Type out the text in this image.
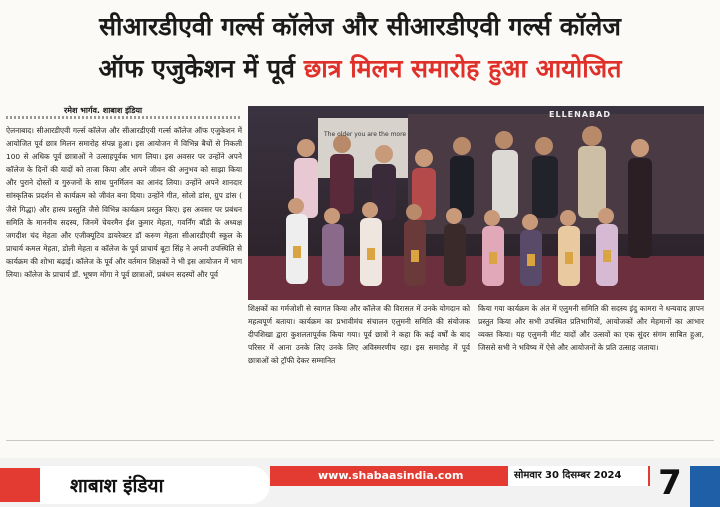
सीआरडीएवी गर्ल्स कॉलेज और सीआरडीएवी गर्ल्स कॉलेज
ऑफ एजुकेशन में पूर्व छात्र मिलन समारोह हुआ आयोजित
रमेश भार्गव. शाबाश इंडिया
ऐलनाबाद। सीआरडीएवी गर्ल्स कॉलेज और सीआरडीएवी गर्ल्स कॉलेज ऑफ एजुकेशन में आयोजित पूर्व छात्र मिलन समारोह संपन्न हुआ। इस आयोजन में विभिन्न बैचों से निकली 100 से अधिक पूर्व छात्राओं ने उत्साहपूर्वक भाग लिया। इस अवसर पर उन्होंने अपने कॉलेज के दिनों की यादों को ताजा किया और अपने जीवन की अनुभव को साझा किया और पुराने दोस्तों व गुरुजनों के साथ पुनर्मिलन का आनंद लिया। उन्होंने अपने शानदार सांस्कृतिक प्रदर्शन से कार्यक्रम को जीवंत बना दिया। उन्होंने गीत, सोलो डांस, ग्रुप डांस ( जैसे गिद्धा) और हास्य प्रस्तुति जैसे विभिन्न कार्यक्रम प्रस्तुत किए। इस अवसर पर प्रबंधन समिति के माननीय सदस्य, जिनमें चेयरमैन ईश कुमार मेहता, गवर्निंग बॉडी के अध्यक्ष जगदीश चंद मेहता और एजीक्यूटिव डायरेक्टर डॉ करुण मेहता सीआरडीएवी स्कूल के प्राचार्य कमल मेहता, डोली मेहता व कॉलेज के पूर्व प्राचार्य बूटा सिंह ने अपनी उपस्थिति से कार्यक्रम की शोभा बढ़ाई। कॉलेज के पूर्व और वर्तमान शिक्षकों ने भी इस आयोजन में भाग लिया। कॉलेज के प्राचार्य डॉ. भूषण मोंगा ने पूर्व छात्राओं, प्रबंधन सदस्यों और पूर्व
The older you are the more
ELLENABAD
शिक्षकों का गर्मजोशी से स्वागत किया और कॉलेज की विरासत में उनके योगदान को महत्वपूर्ण बताया। कार्यक्रम का प्रभावीमंच संचालन एलुमनी समिति की संयोजक दीपशिखा द्वारा कुशलतापूर्वक किया गया। पूर्व छात्रों ने कहा कि कई वर्षों के बाद परिसर में आना उनके लिए उनके लिए अविस्मरणीय रहा। इस समारोह में पूर्व छात्राओं को ट्रॉफी देकर सम्मानित
किया गया कार्यक्रम के अंत में एलुमनी समिति की सदस्य इंदु कामरा ने धन्यवाद ज्ञापन प्रस्तुत किया और सभी उपस्थित प्रतिभागियों, आयोजकों और मेहमानों का आभार व्यक्त किया। यह एलुमनी मीट यादों और उत्सवों का एक सुंदर संगम साबित हुआ, जिससे सभी ने भविष्य में ऐसे और आयोजनों के प्रति उत्साह जताया।
शाबाश इंडिया	www.shabaasindia.com	सोमवार 30 दिसम्बर 2024	7
